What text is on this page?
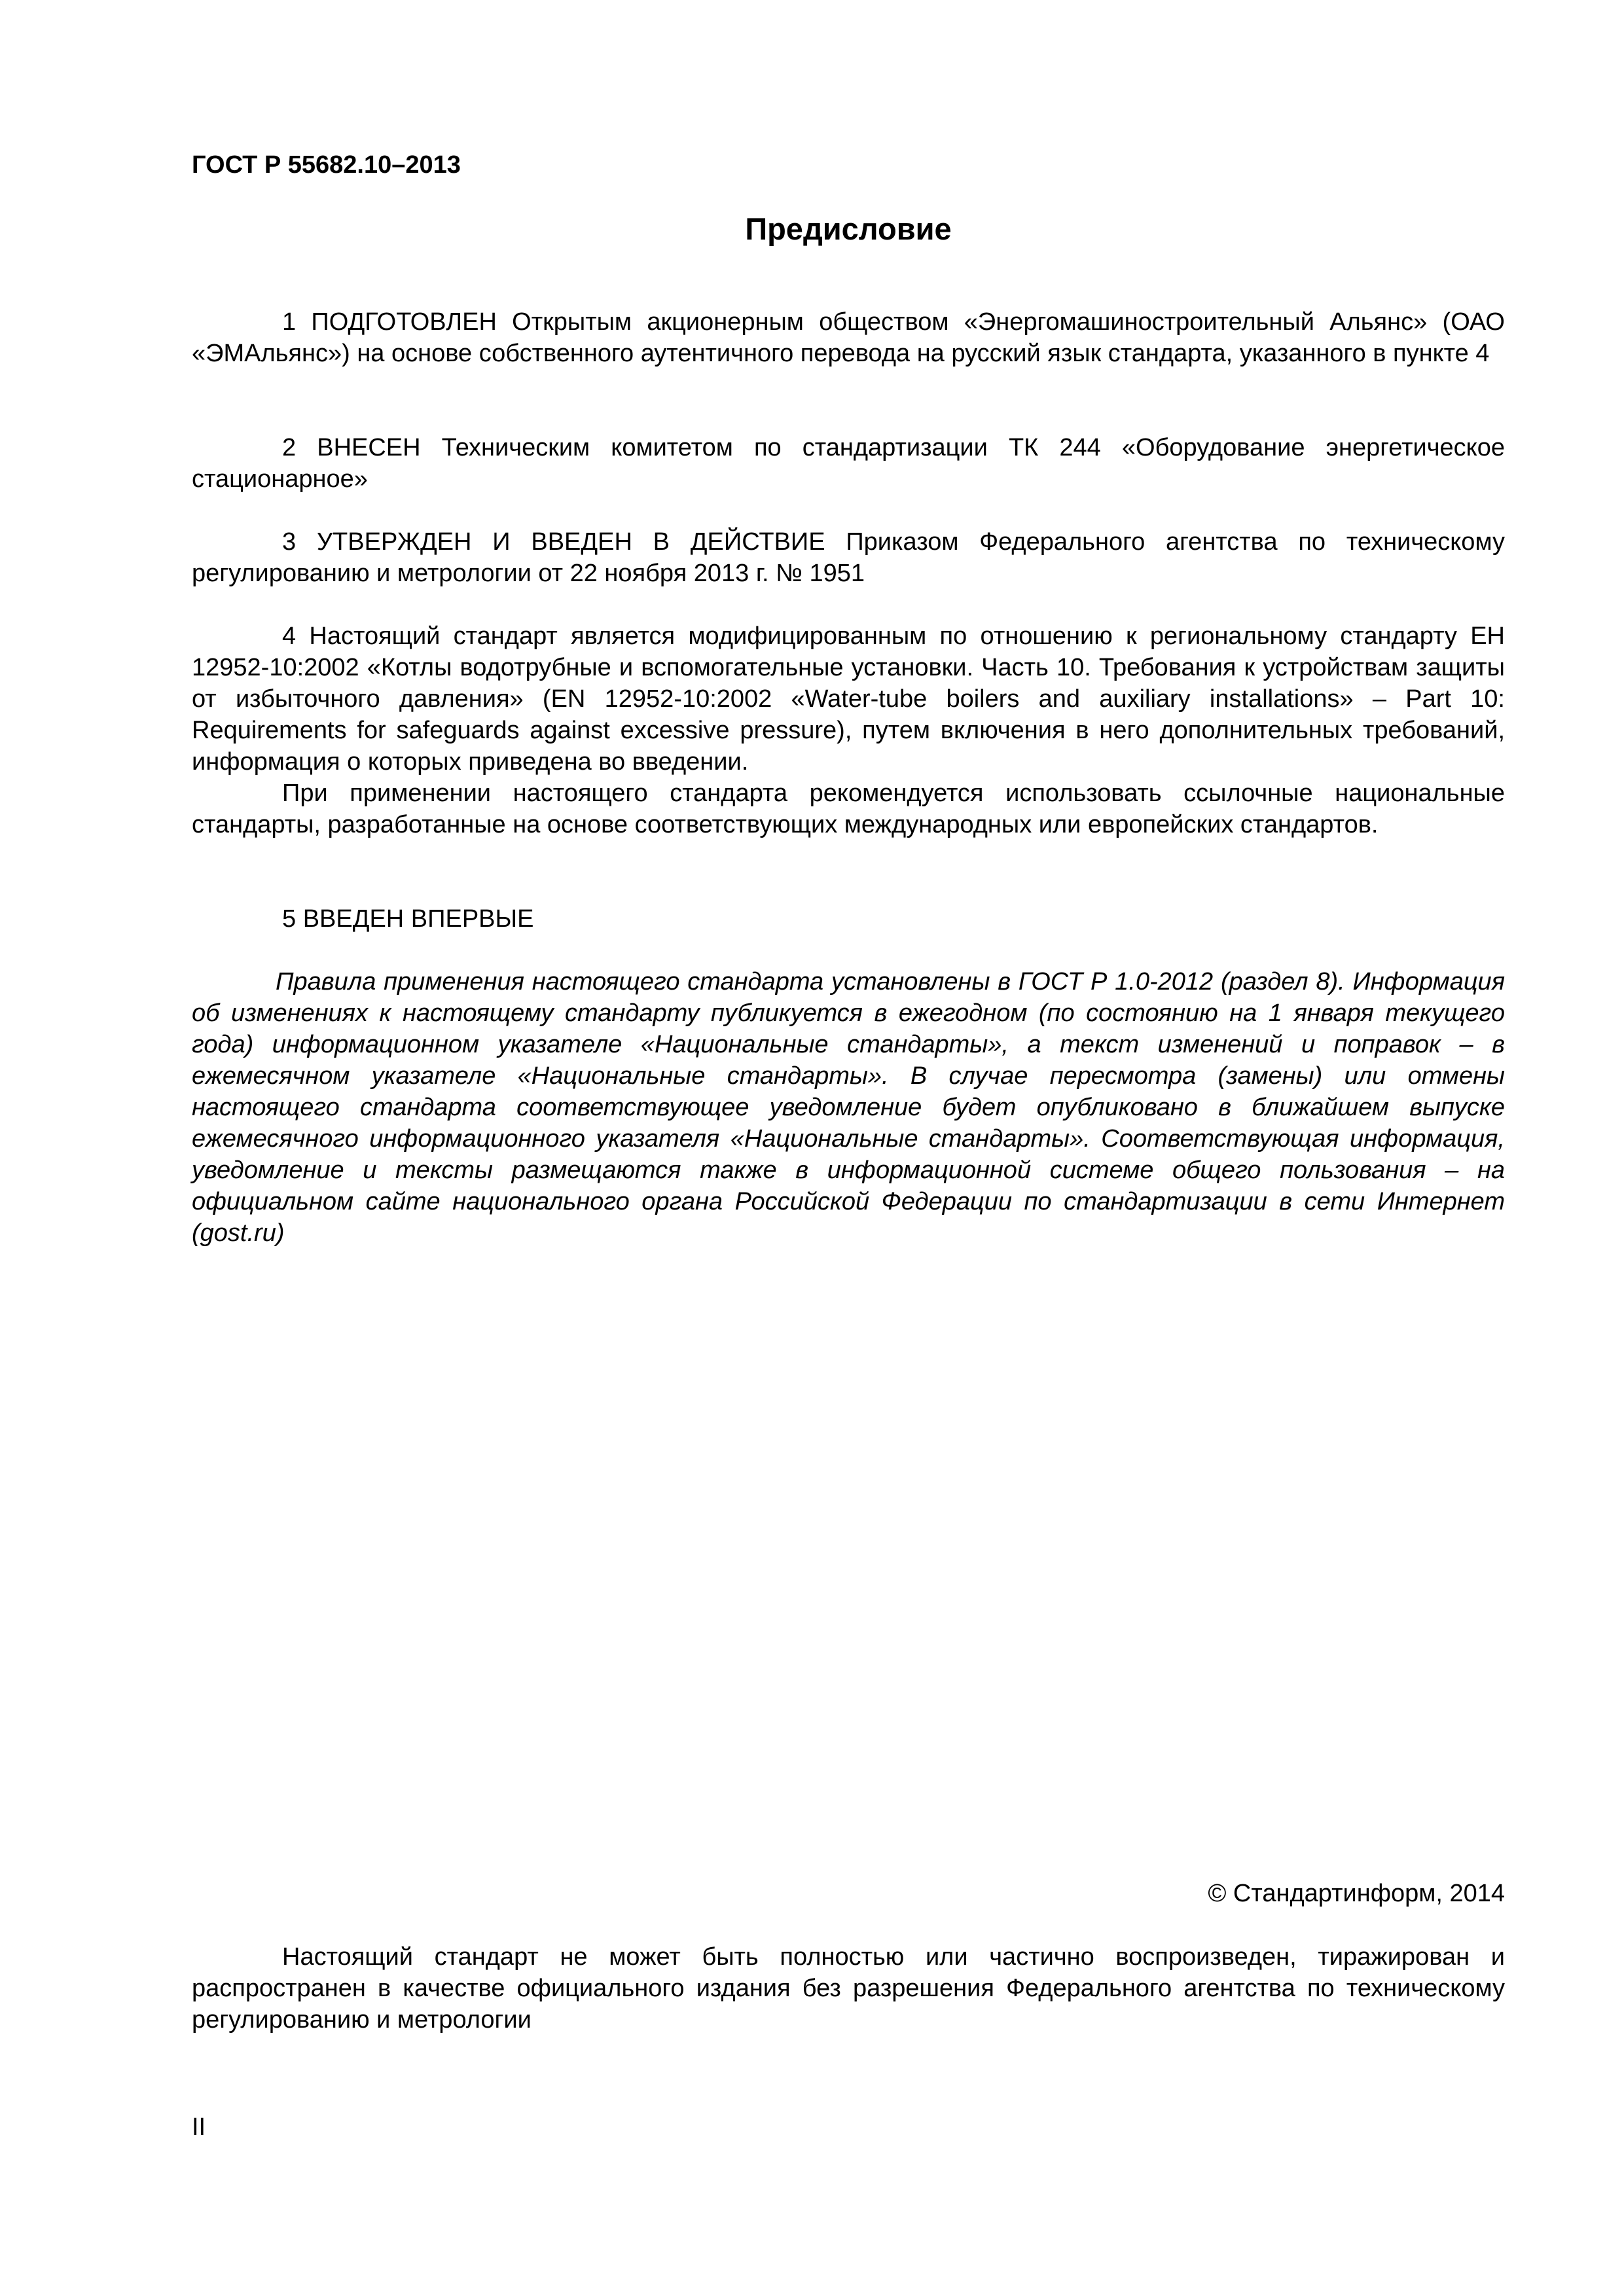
ГОСТ Р 55682.10–2013
Предисловие
1 ПОДГОТОВЛЕН Открытым акционерным обществом «Энергомашиностроительный Альянс» (ОАО «ЭМАльянс») на основе собственного аутентичного перевода на русский язык стандарта, указанного в пункте 4
2 ВНЕСЕН Техническим комитетом по стандартизации ТК 244 «Оборудование энергетическое стационарное»
3 УТВЕРЖДЕН И ВВЕДЕН В ДЕЙСТВИЕ Приказом Федерального агентства по техническому регулированию и метрологии от 22 ноября 2013 г. № 1951
4 Настоящий стандарт является модифицированным по отношению к региональному стандарту ЕН 12952-10:2002 «Котлы водотрубные и вспомогательные установки. Часть 10. Требования к устройствам защиты от избыточного давления» (EN 12952-10:2002 «Water-tube boilers and auxiliary installations» – Part 10: Requirements for safeguards against excessive pressure), путем включения в него дополнительных требований, информация о которых приведена во введении.
При применении настоящего стандарта рекомендуется использовать ссылочные национальные стандарты, разработанные на основе соответствующих международных или европейских стандартов.
5 ВВЕДЕН ВПЕРВЫЕ
Правила применения настоящего стандарта установлены в ГОСТ Р 1.0-2012 (раздел 8). Информация об изменениях к настоящему стандарту публикуется в ежегодном (по состоянию на 1 января текущего года) информационном указателе «Национальные стандарты», а текст изменений и поправок – в ежемесячном указателе «Национальные стандарты». В случае пересмотра (замены) или отмены настоящего стандарта соответствующее уведомление будет опубликовано в ближайшем выпуске ежемесячного информационного указателя «Национальные стандарты». Соответствующая информация, уведомление и тексты размещаются также в информационной системе общего пользования – на официальном сайте национального органа Российской Федерации по стандартизации в сети Интернет (gost.ru)
© Стандартинформ, 2014
Настоящий стандарт не может быть полностью или частично воспроизведен, тиражирован и распространен в качестве официального издания без разрешения Федерального агентства по техническому регулированию и метрологии
II
